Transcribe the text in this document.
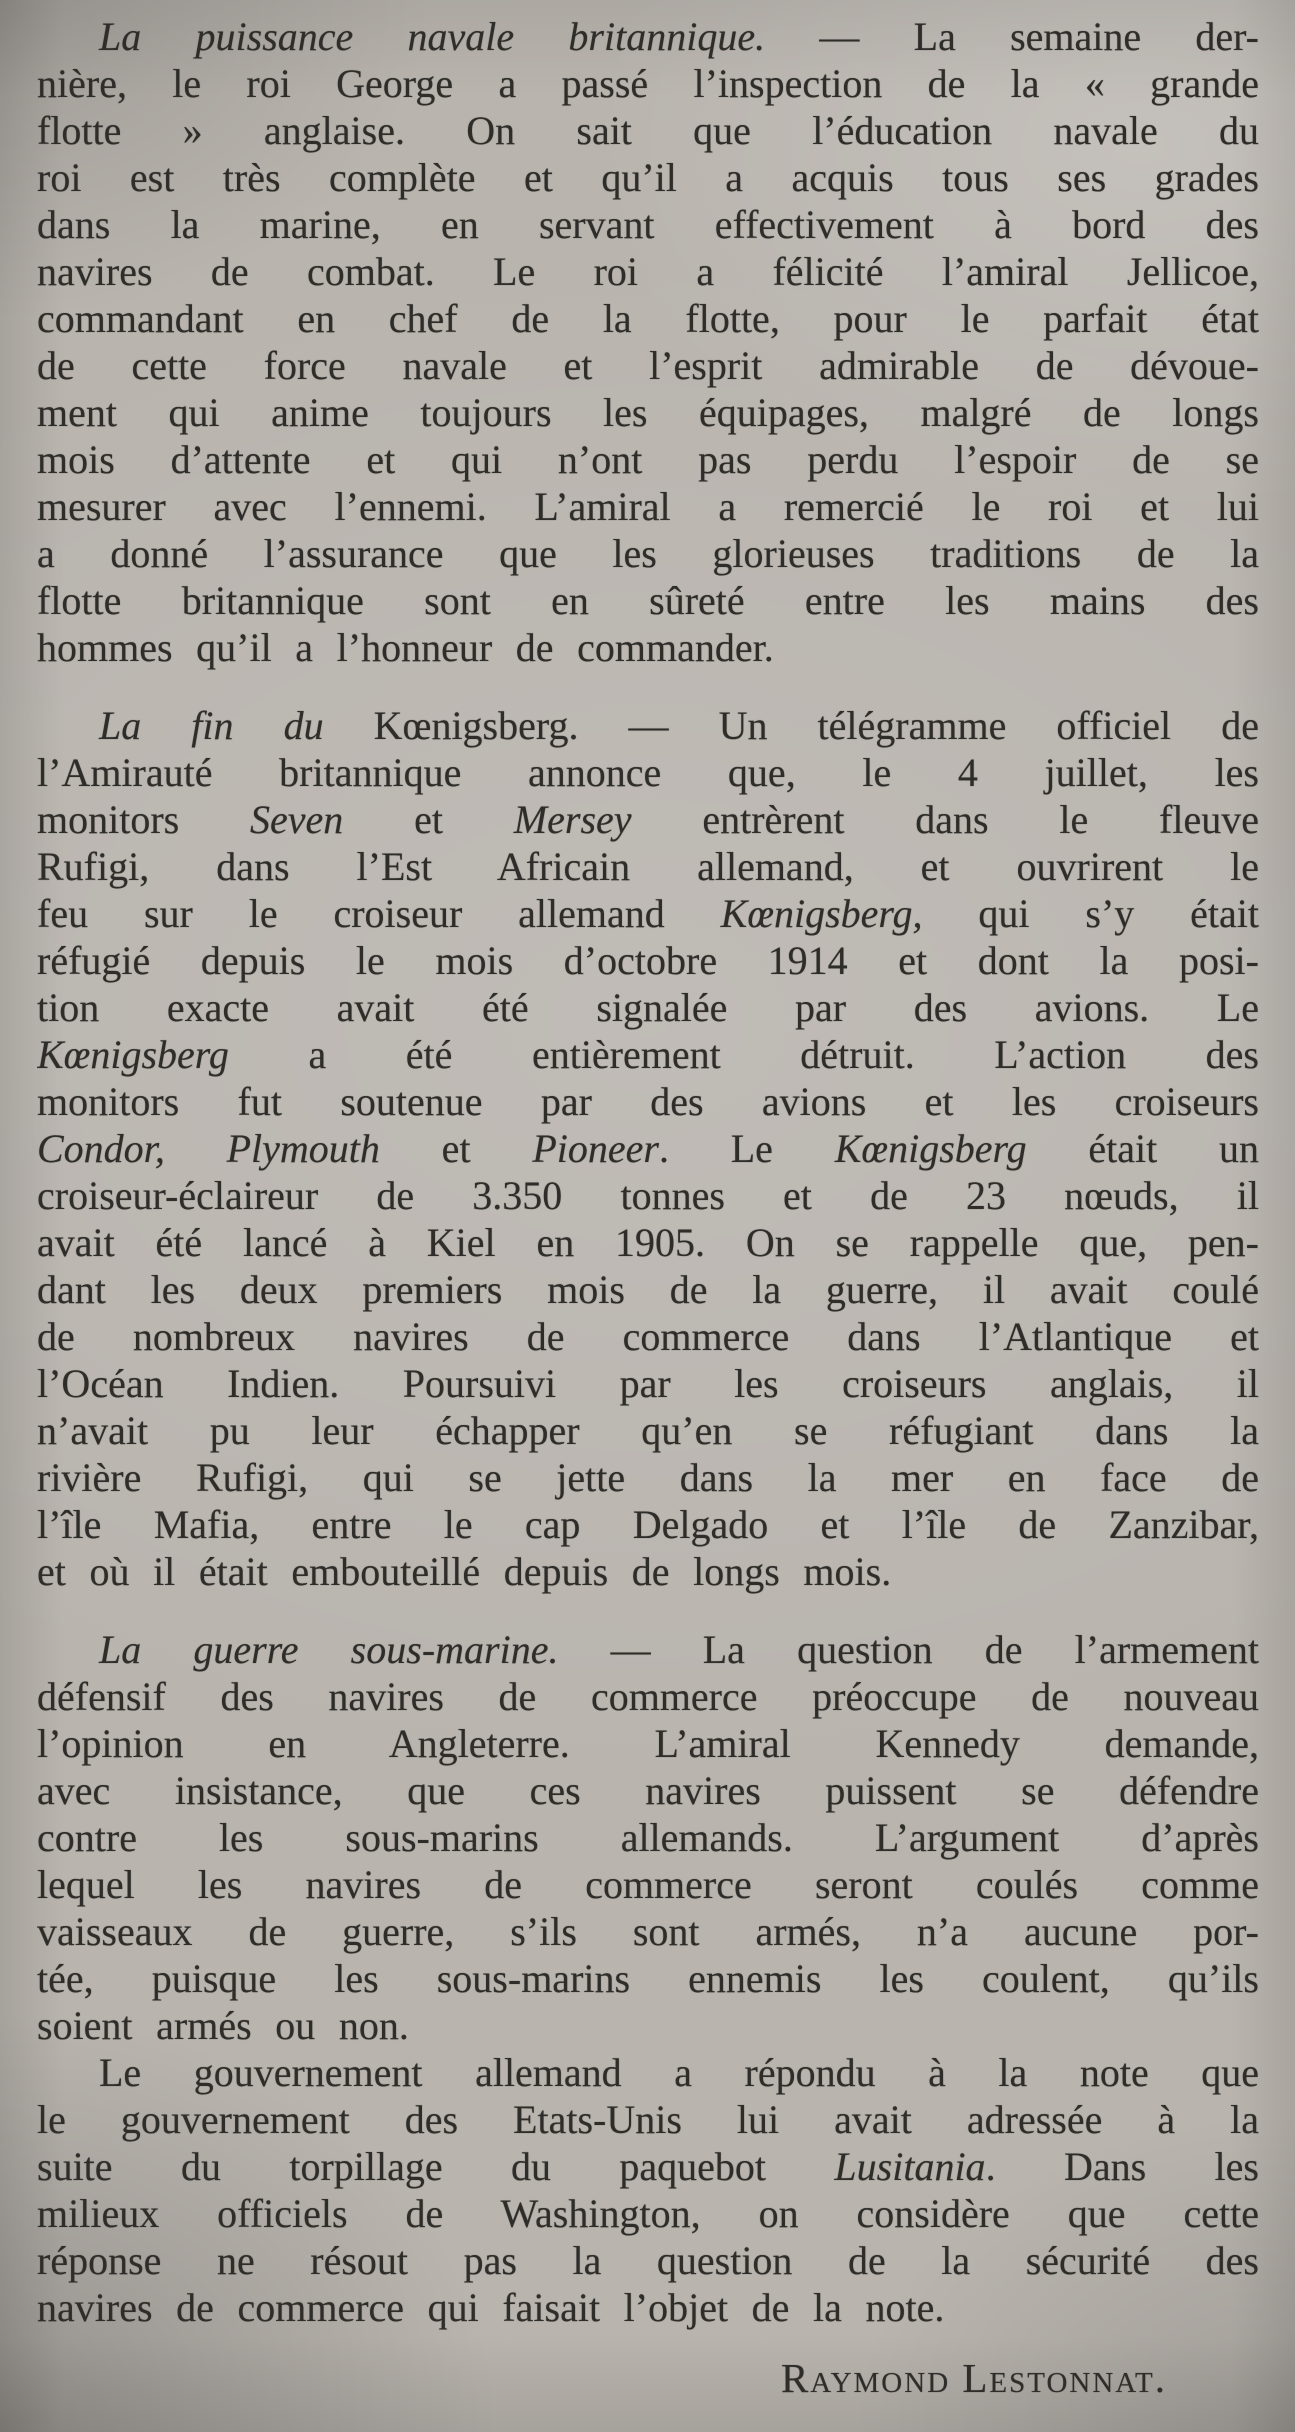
La puissance navale britannique. — La semaine der-
nière, le roi George a passé l’inspection de la « grande
flotte » anglaise. On sait que l’éducation navale du
roi est très complète et qu’il a acquis tous ses grades
dans la marine, en servant effectivement à bord des
navires de combat. Le roi a félicité l’amiral Jellicoe,
commandant en chef de la flotte, pour le parfait état
de cette force navale et l’esprit admirable de dévoue-
ment qui anime toujours les équipages, malgré de longs
mois d’attente et qui n’ont pas perdu l’espoir de se
mesurer avec l’ennemi. L’amiral a remercié le roi et lui
a donné l’assurance que les glorieuses traditions de la
flotte britannique sont en sûreté entre les mains des
hommes qu’il a l’honneur de commander.
La fin du Kœnigsberg. — Un télégramme officiel de
l’Amirauté britannique annonce que, le 4 juillet, les
monitors Seven et Mersey entrèrent dans le fleuve
Rufigi, dans l’Est Africain allemand, et ouvrirent le
feu sur le croiseur allemand Kœnigsberg, qui s’y était
réfugié depuis le mois d’octobre 1914 et dont la posi-
tion exacte avait été signalée par des avions. Le
Kœnigsberg a été entièrement détruit. L’action des
monitors fut soutenue par des avions et les croiseurs
Condor, Plymouth et Pioneer. Le Kœnigsberg était un
croiseur-éclaireur de 3.350 tonnes et de 23 nœuds, il
avait été lancé à Kiel en 1905. On se rappelle que, pen-
dant les deux premiers mois de la guerre, il avait coulé
de nombreux navires de commerce dans l’Atlantique et
l’Océan Indien. Poursuivi par les croiseurs anglais, il
n’avait pu leur échapper qu’en se réfugiant dans la
rivière Rufigi, qui se jette dans la mer en face de
l’île Mafia, entre le cap Delgado et l’île de Zanzibar,
et où il était embouteillé depuis de longs mois.
La guerre sous-marine. — La question de l’armement
défensif des navires de commerce préoccupe de nouveau
l’opinion en Angleterre. L’amiral Kennedy demande,
avec insistance, que ces navires puissent se défendre
contre les sous-marins allemands. L’argument d’après
lequel les navires de commerce seront coulés comme
vaisseaux de guerre, s’ils sont armés, n’a aucune por-
tée, puisque les sous-marins ennemis les coulent, qu’ils
soient armés ou non.
Le gouvernement allemand a répondu à la note que
le gouvernement des Etats-Unis lui avait adressée à la
suite du torpillage du paquebot Lusitania. Dans les
milieux officiels de Washington, on considère que cette
réponse ne résout pas la question de la sécurité des
navires de commerce qui faisait l’objet de la note.
Raymond Lestonnat.
